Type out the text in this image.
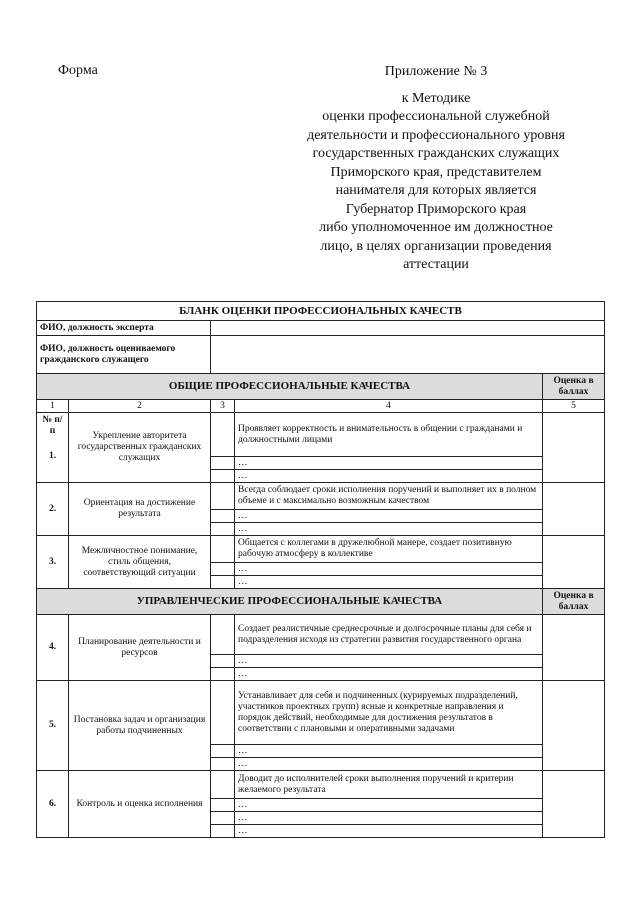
Форма	Приложение № 3
к Методике
оценки профессиональной служебной
деятельности и профессионального уровня
государственных гражданских служащих
Приморского края, представителем
нанимателя для которых является
Губернатор Приморского края
либо уполномоченное им должностное
лицо, в целях организации проведения
аттестации
БЛАНК ОЦЕНКИ ПРОФЕССИОНАЛЬНЫХ КАЧЕСТВ				
ФИО, должность эксперта				
ФИО, должность оцениваемого гражданского служащего				
ОБЩИЕ ПРОФЕССИОНАЛЬНЫЕ КАЧЕСТВА				Оценка в баллах
1	2	3	4	5

№ п/п
1.	Укрепление авторитета государственных гражданских служащих		Проявляет корректность и внимательность в общении с гражданами и должностными лицами	
			…	
			…	
2.	Ориентация на достижение результата		Всегда соблюдает сроки исполнения поручений и выполняет их в полном объеме и с максимально возможным качеством	
			…	
			…	
3.	Межличностное понимание, стиль общения, соответствующий ситуации		Общается с коллегами в дружелюбной манере, создает позитивную рабочую атмосферу в коллективе	
			…	
			…	
УПРАВЛЕНЧЕСКИЕ ПРОФЕССИОНАЛЬНЫЕ КАЧЕСТВА				Оценка в баллах
4.	Планирование деятельности и ресурсов		Создает реалистичные среднесрочные и долгосрочные планы для себя и подразделения исходя из стратегии развития государственного органа	
			…	
			…	
5.	Постановка задач и организация работы подчиненных		Устанавливает для себя и подчиненных (курируемых подразделений, участников проектных групп) ясные и конкретные направления и порядок действий, необходимые для достижения результатов в соответствии с плановыми и оперативными задачами	
			…	
			…	
6.	Контроль и оценка исполнения		Доводит до исполнителей сроки выполнения поручений и критерии желаемого результата	
			…	
			…	
			…	
